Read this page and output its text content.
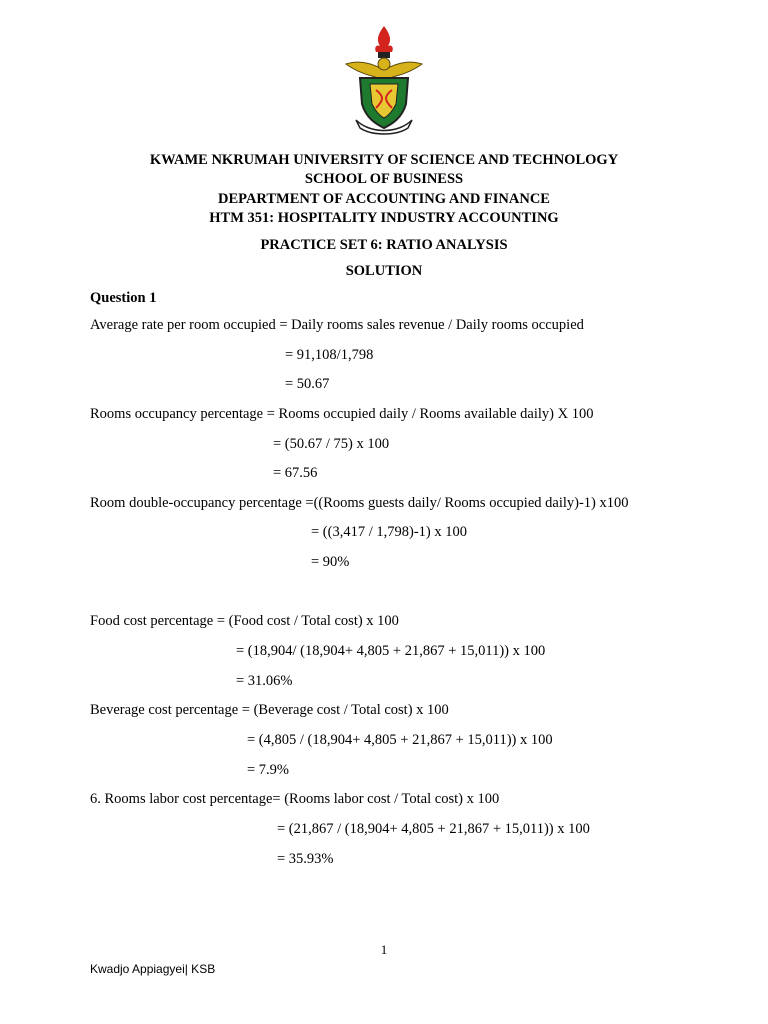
KWAME NKRUMAH UNIVERSITY OF SCIENCE AND TECHNOLOGY
SCHOOL OF BUSINESS
DEPARTMENT OF ACCOUNTING AND FINANCE
HTM 351: HOSPITALITY INDUSTRY ACCOUNTING
PRACTICE SET 6: RATIO ANALYSIS
SOLUTION
Question 1
Average rate per room occupied = Daily rooms sales revenue / Daily rooms occupied
= 91,108/1,798
= 50.67
Rooms occupancy percentage = Rooms occupied daily / Rooms available daily) X 100
= (50.67 / 75) x 100
= 67.56
Room double-occupancy percentage =((Rooms guests daily/ Rooms occupied daily)-1) x100
= ((3,417 / 1,798)-1) x 100
= 90%
Food cost percentage = (Food cost / Total cost) x 100
= (18,904/ (18,904+ 4,805 + 21,867 + 15,011)) x 100
= 31.06%
Beverage cost percentage = (Beverage cost / Total cost) x 100
= (4,805 / (18,904+ 4,805 + 21,867 + 15,011)) x 100
= 7.9%
6. Rooms labor cost percentage= (Rooms labor cost / Total cost) x 100
= (21,867 / (18,904+ 4,805 + 21,867 + 15,011)) x 100
= 35.93%
1
Kwadjo Appiagyei| KSB
